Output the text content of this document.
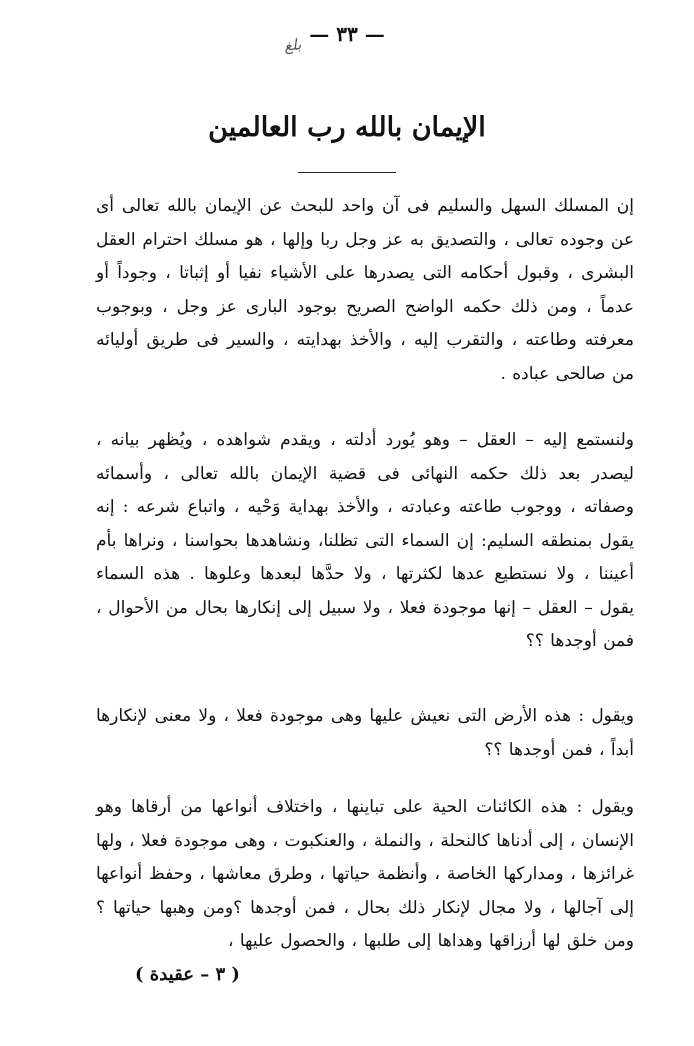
— ٣٣ —
بلغ
الإيمان بالله رب العالمين

إن المسلك السهل والسليم فى آن واحد للبحث عن الإيمان بالله تعالى أى عن وجوده تعالى ، والتصديق به عز وجل ربا وإلها ، هو مسلك احترام العقل البشرى ، وقبول أحكامه التى يصدرها على الأشياء نفيا أو إثباتا ، وجوداً أو عدماً ، ومن ذلك حكمه الواضح الصريح بوجود البارى عز وجل ، وبوجوب معرفته وطاعته ، والتقرب إليه ، والأخذ بهدايته ، والسير فى طريق أوليائه من صالحى عباده .

ولنستمع إليه – العقل – وهو يُورد أدلته ، ويقدم شواهده ، ويُظهر بيانه ، ليصدر بعد ذلك حكمه النهائى فى قضية الإيمان بالله تعالى ، وأسمائه وصفاته ، ووجوب طاعته وعبادته ، والأخذ بهداية وَحْيه ، واتباع شرعه : إنه يقول بمنطقه السليم: إن السماء التى تظلنا، ونشاهدها بحواسنا ، ونراها بأم أعيننا ، ولا نستطيع عدها لكثرتها ، ولا حدَّها لبعدها وعلوها . هذه السماء يقول – العقل – إنها موجودة فعلا ، ولا سبيل إلى إنكارها بحال من الأحوال ، فمن أوجدها ؟؟

ويقول : هذه الأرض التى نعيش عليها وهى موجودة فعلا ، ولا معنى لإنكارها أبداً ، فمن أوجدها ؟؟

ويقول : هذه الكائنات الحية على تباينها ، واختلاف أنواعها من أرقاها وهو الإنسان ، إلى أدناها كالنحلة ، والنملة ، والعنكبوت ، وهى موجودة فعلا ، ولها غرائزها ، ومداركها الخاصة ، وأنظمة حياتها ، وطرق معاشها ، وحفظ أنواعها إلى آجالها ، ولا مجال لإنكار ذلك بحال ، فمن أوجدها ؟ومن وهبها حياتها ؟ ومن خلق لها أرزاقها وهداها إلى طلبها ، والحصول عليها ،

( ٣ – عقيدة )
